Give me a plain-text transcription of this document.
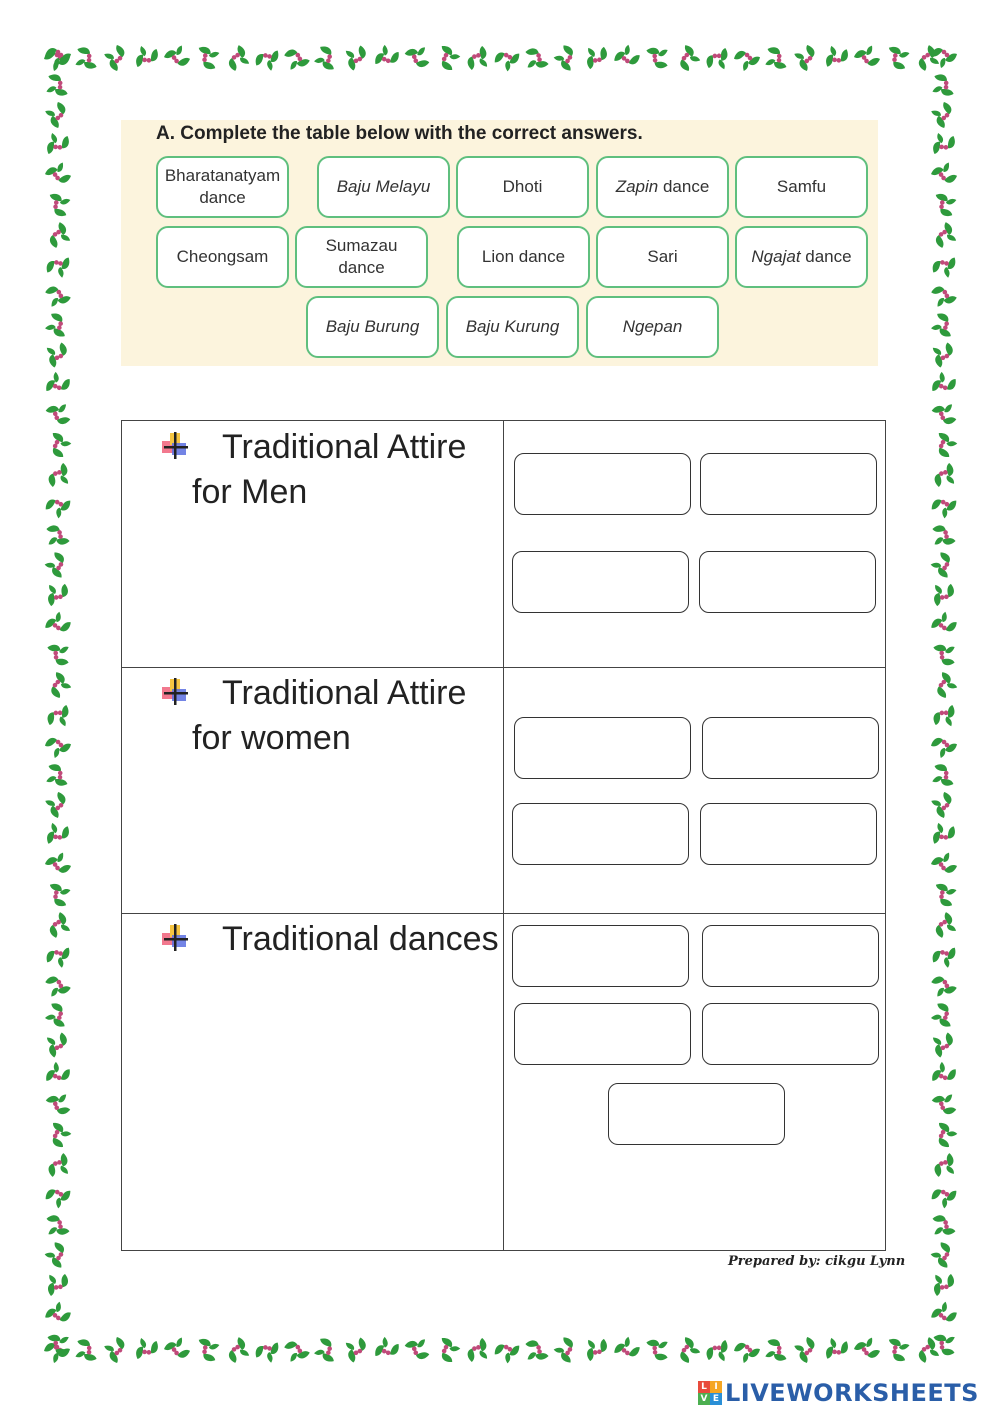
A. Complete the table below with the correct answers.
Bharatanatyam dance
Baju Melayu	Dhoti	Zapin dance	Samfu
Cheongsam
Sumazau dance
Lion dance	Sari	Ngajat dance
Baju Burung	Baju Kurung	Ngepan
Traditional Attire for Men
Traditional Attire for women
Traditional dances
Prepared by: cikgu Lynn
L I
V E LIVEWORKSHEETS
